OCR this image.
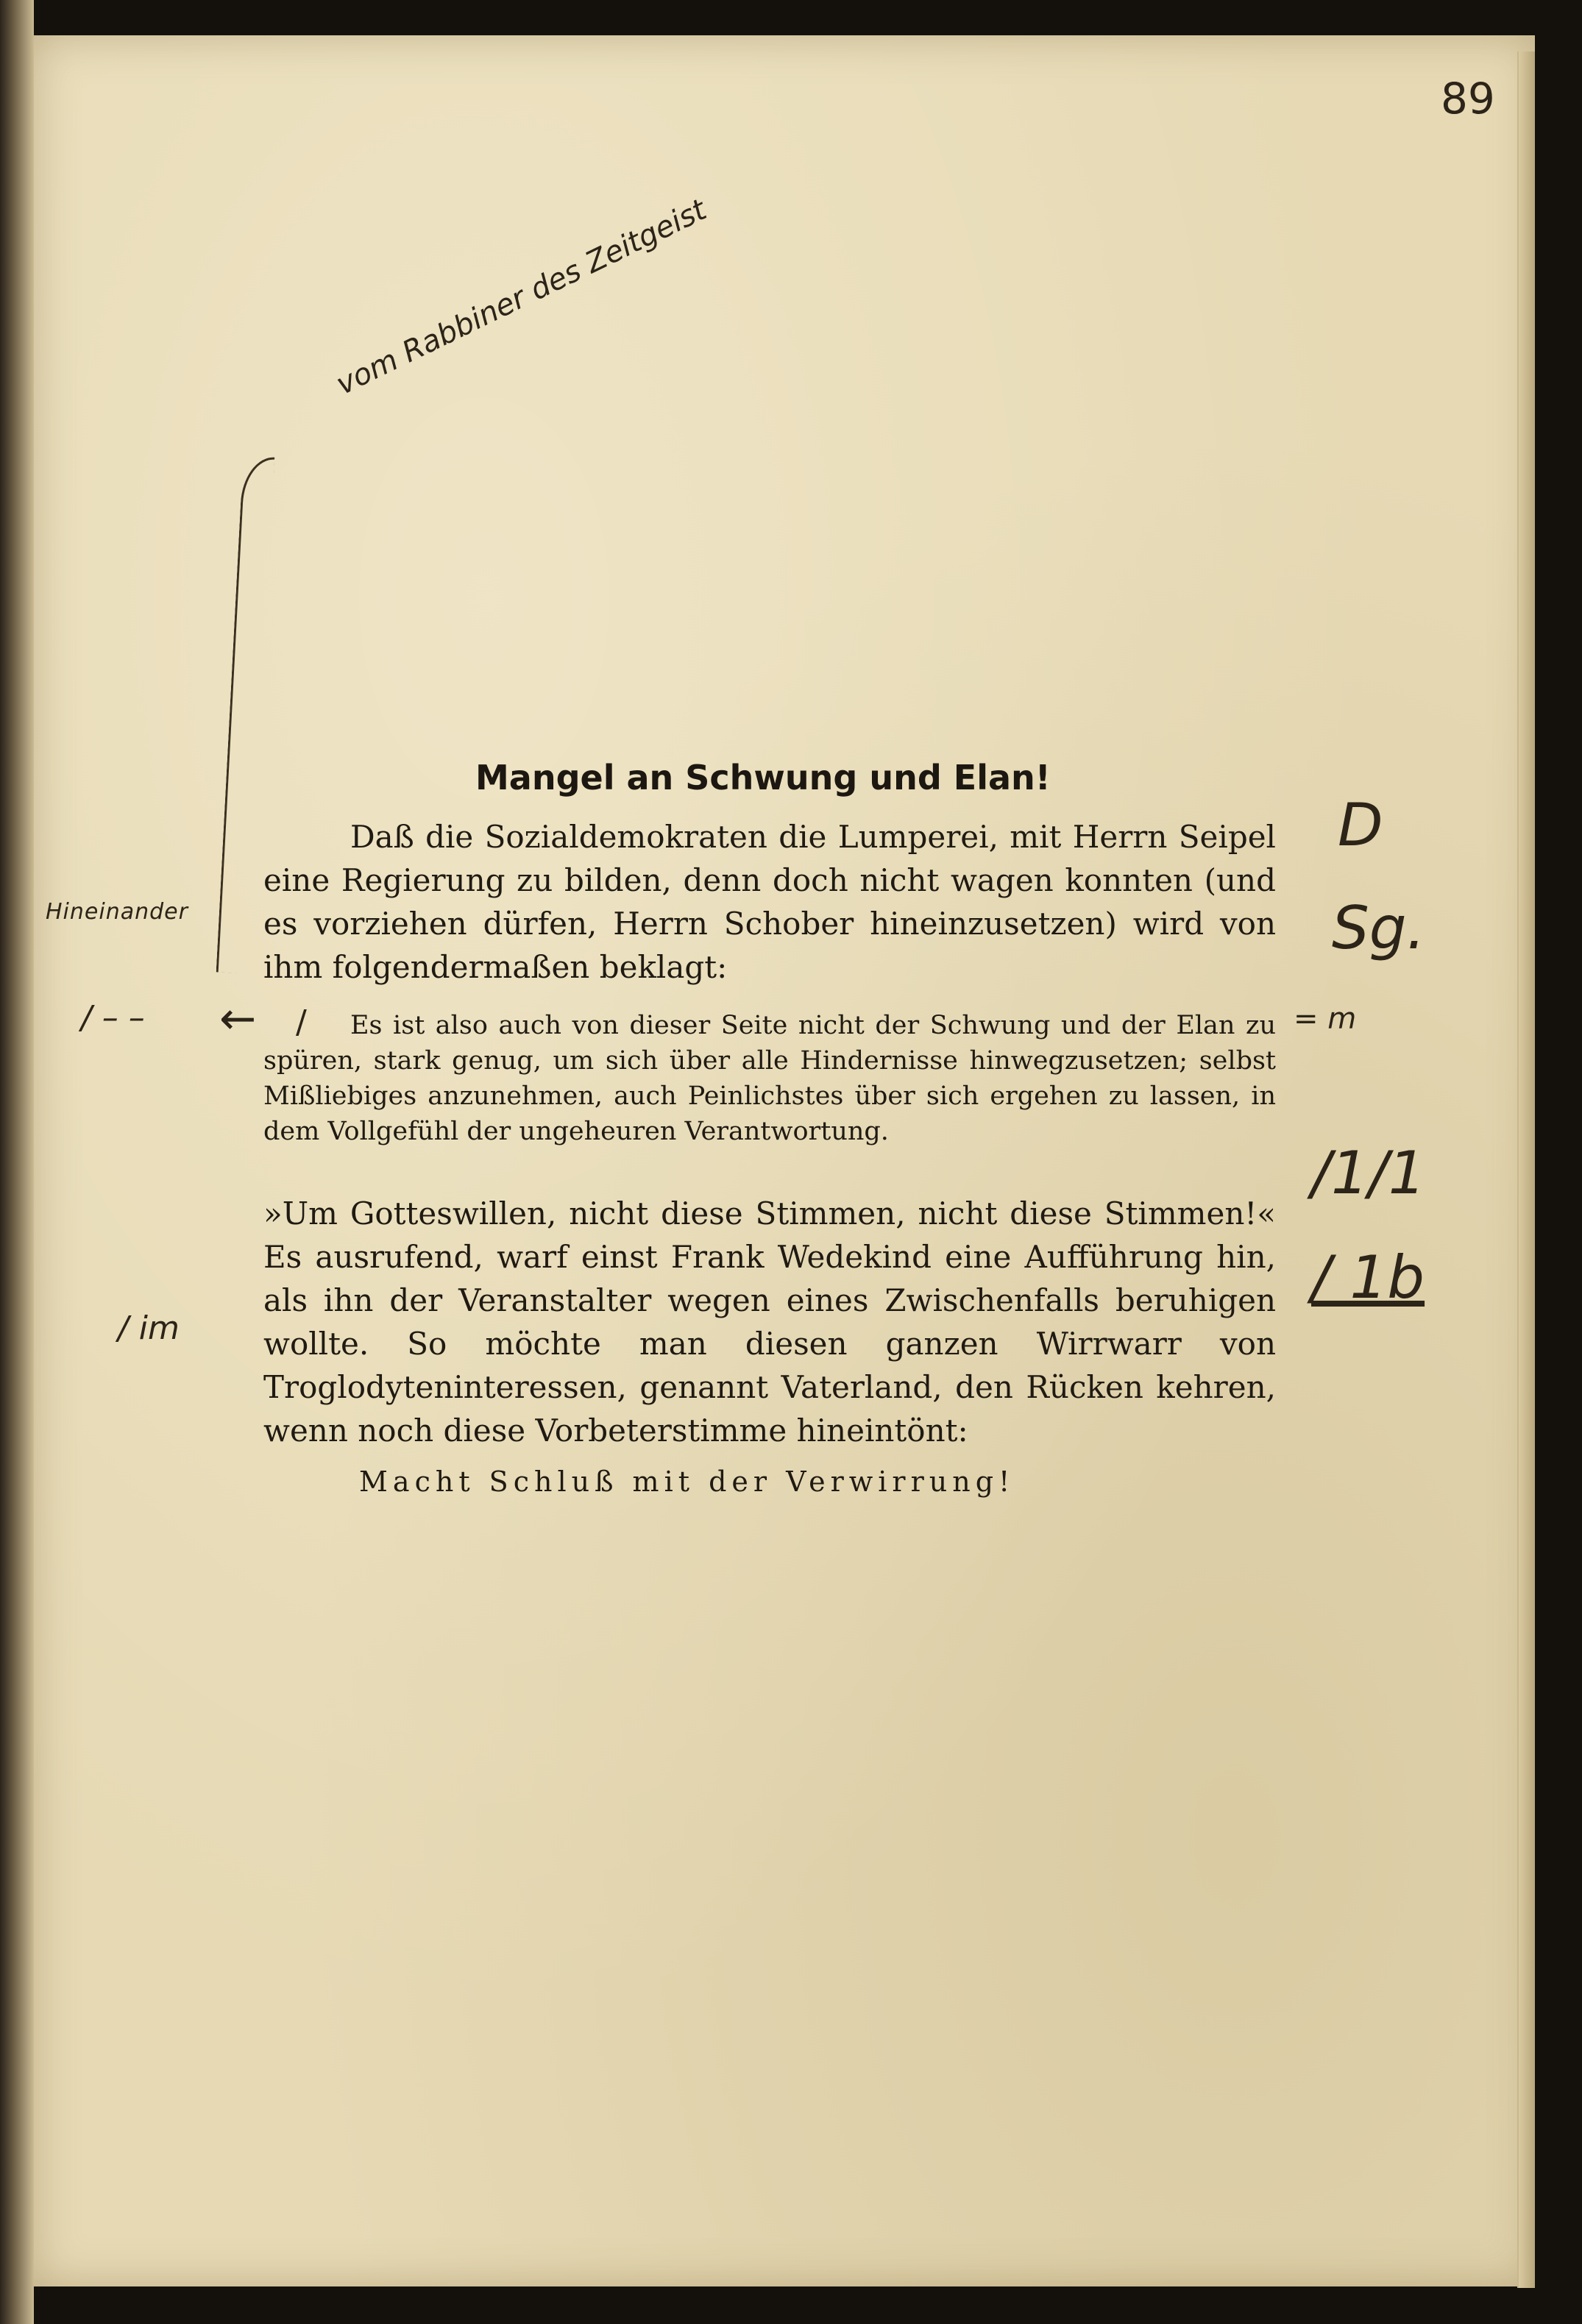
89
vom Rabbiner des Zeitgeist
Hineinander
/ – – ← /
/ im
D
Sg.
= m
/1/1
/ 1b
Mangel an Schwung und Elan!

Daß die Sozialdemokraten die Lumperei, mit Herrn Seipel eine Regierung zu bilden, denn doch nicht wagen konnten (und es vorziehen dürfen, Herrn Schober hineinzusetzen) wird von ihm folgendermaßen beklagt:

Es ist also auch von dieser Seite nicht der Schwung und der Elan zu spüren, stark genug, um sich über alle Hindernisse hinwegzusetzen; selbst Mißliebiges anzunehmen, auch Peinlichstes über sich ergehen zu lassen, in dem Vollgefühl der ungeheuren Verantwortung.

»Um Gotteswillen, nicht diese Stimmen, nicht diese Stimmen!« Es ausrufend, warf einst Frank Wedekind eine Aufführung hin, als ihn der Veranstalter wegen eines Zwischenfalls beruhigen wollte. So möchte man diesen ganzen Wirrwarr von Troglodyteninteressen, genannt Vaterland, den Rücken kehren, wenn noch diese Vorbeterstimme hineintönt:

Macht Schluß mit der Verwirrung!
